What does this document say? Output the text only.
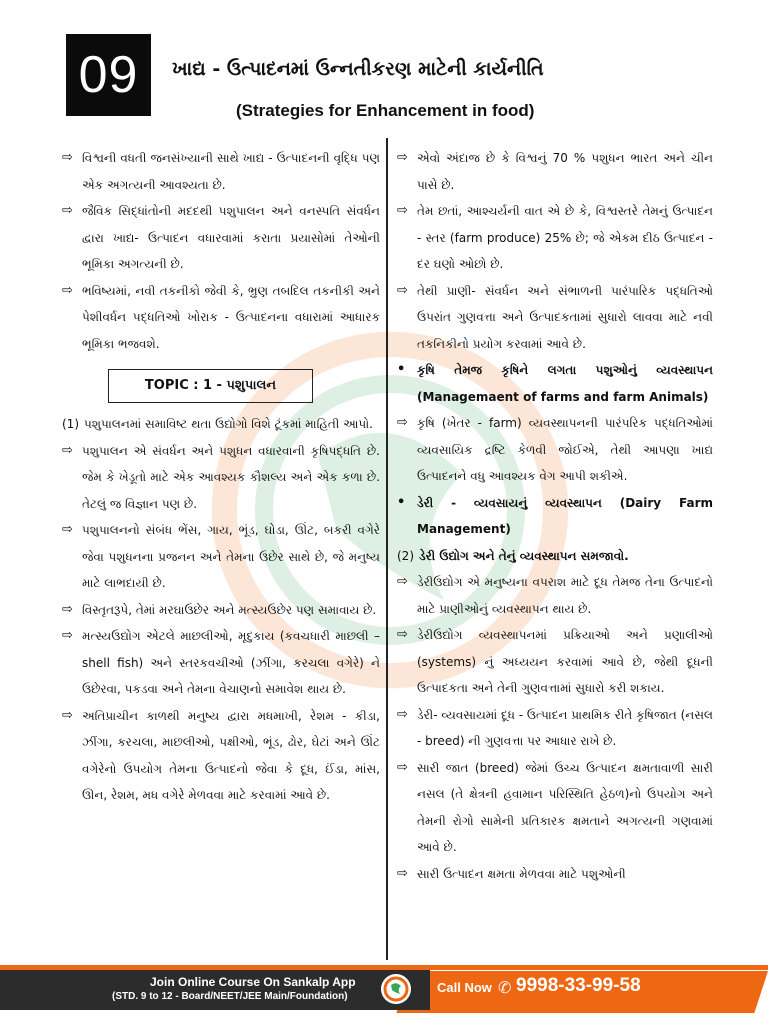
09	ખાદ્ય - ઉત્પાદનમાં ઉન્નતીકરણ માટેની કાર્યનીતિ
(Strategies for Enhancement in food)
⇨ વિશ્વની વધતી જનસંખ્યાની સાથે ખાદ્ય - ઉત્પાદનની વૃદ્ધિ પણ એક અગત્યની આવશ્યતા છે.
⇨ જૈવિક સિદ્ધાંતોની મદદથી પશુપાલન અને વનસ્પતિ સંવર્ધન દ્વારા ખાદ્ય- ઉત્પાદન વધારવામાં કરાતા પ્રયાસોમાં તેઓની ભૂમિકા અગત્યની છે.
⇨ ભવિષ્યમાં, નવી તકનીકો જેવી કે, ભ્રુણ તબદિલ તકનીકી અને પેશીવર્ધન પદ્ધતિઓ ખોરાક - ઉત્પાદનના વધારામાં આધારક ભૂમિકા ભજવશે.
TOPIC : 1 - પશુપાલન
(1) પશુપાલનમાં સમાવિષ્ટ થતા ઉદ્યોગો વિશે ટૂંકમાં માહિતી આપો.
⇨ પશુપાલન એ સંવર્ધન અને પશુધન વધારવાની કૃષિપદ્ધતિ છે. જેમ કે ખેડૂતો માટે એક આવશ્યક કૌશલ્ય અને એક કળા છે. તેટલું જ વિજ્ઞાન પણ છે.
⇨ પશુપાલનનો સંબંધ ભેંસ, ગાય, ભૂંડ, ઘોડા, ઊંટ, બકરી વગેરે જેવા પશુધનના પ્રજનન અને તેમના ઉછેર સાથે છે, જે મનુષ્ય માટે લાભદાયી છે.
⇨ વિસ્તૃતરૂપે, તેમાં મરઘાઉછેર અને મત્સ્યઉછેર પણ સમાવાય છે.
⇨ મત્સ્યઉદ્યોગ એટલે માછલીઓ, મૃદુકાય (કવચધારી માછલી – shell fish) અને સ્તરકવચીઓ (ઝીંગા, કરચલા વગેરે) ને ઉછેરવા, પકડવા અને તેમના વેચાણનો સમાવેશ થાય છે.
⇨ અતિપ્રાચીન કાળથી મનુષ્ય દ્વારા મધમાખી, રેશમ - કીડા, ઝીંગા, કરચલા, માછલીઓ, પક્ષીઓ, ભૂંડ, ઢોર, ઘેટાં અને ઊંટ વગેરેનો ઉપયોગ તેમના ઉત્પાદનો જેવા કે દૂધ, ઈંડા, માંસ, ઊન, રેશમ, મધ વગેરે મેળવવા માટે કરવામાં આવે છે.
⇨ એવો અંદાજ છે કે વિશ્વનું 70 % પશુધન ભારત અને ચીન પાસે છે.
⇨ તેમ છતાં, આશ્ચર્યની વાત એ છે કે, વિશ્વસ્તરે તેમનું ઉત્પાદન - સ્તર (farm produce) 25% છે; જે એકમ દીઠ ઉત્પાદન - દર ઘણો ઓછો છે.
⇨ તેથી પ્રાણી- સંવર્ધન અને સંભાળની પારંપારિક પદ્ધતિઓ ઉપરાંત ગુણવત્તા અને ઉત્પાદકતામાં સુધારો લાવવા માટે નવી તકનિકીનો પ્રયોગ કરવામાં આવે છે.
• કૃષિ તેમજ કૃષિને લગતા પશુઓનું વ્યવસ્થાપન (Managemaent of farms and farm Animals)
⇨ કૃષિ (ખેતર - farm) વ્યવસ્થાપનની પારંપરિક પદ્ધતિઓમાં વ્યવસાયિક દ્રષ્ટિ કેળવી જોઈએ, તેથી આપણા ખાદ્ય ઉત્પાદનને વધુ આવશ્યક વેગ આપી શકીએ.
• ડેરી - વ્યવસાયનું વ્યવસ્થાપન (Dairy Farm Management)
(2) ડેરી ઉદ્યોગ અને તેનું વ્યવસ્થાપન સમજાવો.
⇨ ડેરીઉદ્યોગ એ મનુષ્યના વપરાશ માટે દૂધ તેમજ તેના ઉત્પાદનો માટે પ્રાણીઓનું વ્યવસ્થાપન થાય છે.
⇨ ડેરીઉદ્યોગ વ્યવસ્થાપનમાં પ્રક્રિયાઓ અને પ્રણાલીઓ (systems) નું અધ્યયન કરવામાં આવે છે, જેથી દૂધની ઉત્પાદકતા અને તેની ગુણવત્તામાં સુધારો કરી શકાય.
⇨ ડેરી- વ્યવસાયમાં દૂધ - ઉત્પાદન પ્રાથમિક રીતે કૃષિજાત (નસલ - breed) ની ગુણવત્તા પર આધાર રાખે છે.
⇨ સારી જાત (breed) જેમાં ઉચ્ચ ઉત્પાદન ક્ષમતાવાળી સારી નસલ (તે ક્ષેત્રની હવામાન પરિસ્થિતિ હેઠળ)નો ઉપયોગ અને તેમની રોગો સામેની પ્રતિકારક ક્ષમતાને અગત્યની ગણવામાં આવે છે.
⇨ સારી ઉત્પાદન ક્ષમતા મેળવવા માટે પશુઓની
Join Online Course On Sankalp App
(STD. 9 to 12 - Board/NEET/JEE Main/Foundation)
Call Now ✆ 9998-33-99-58
